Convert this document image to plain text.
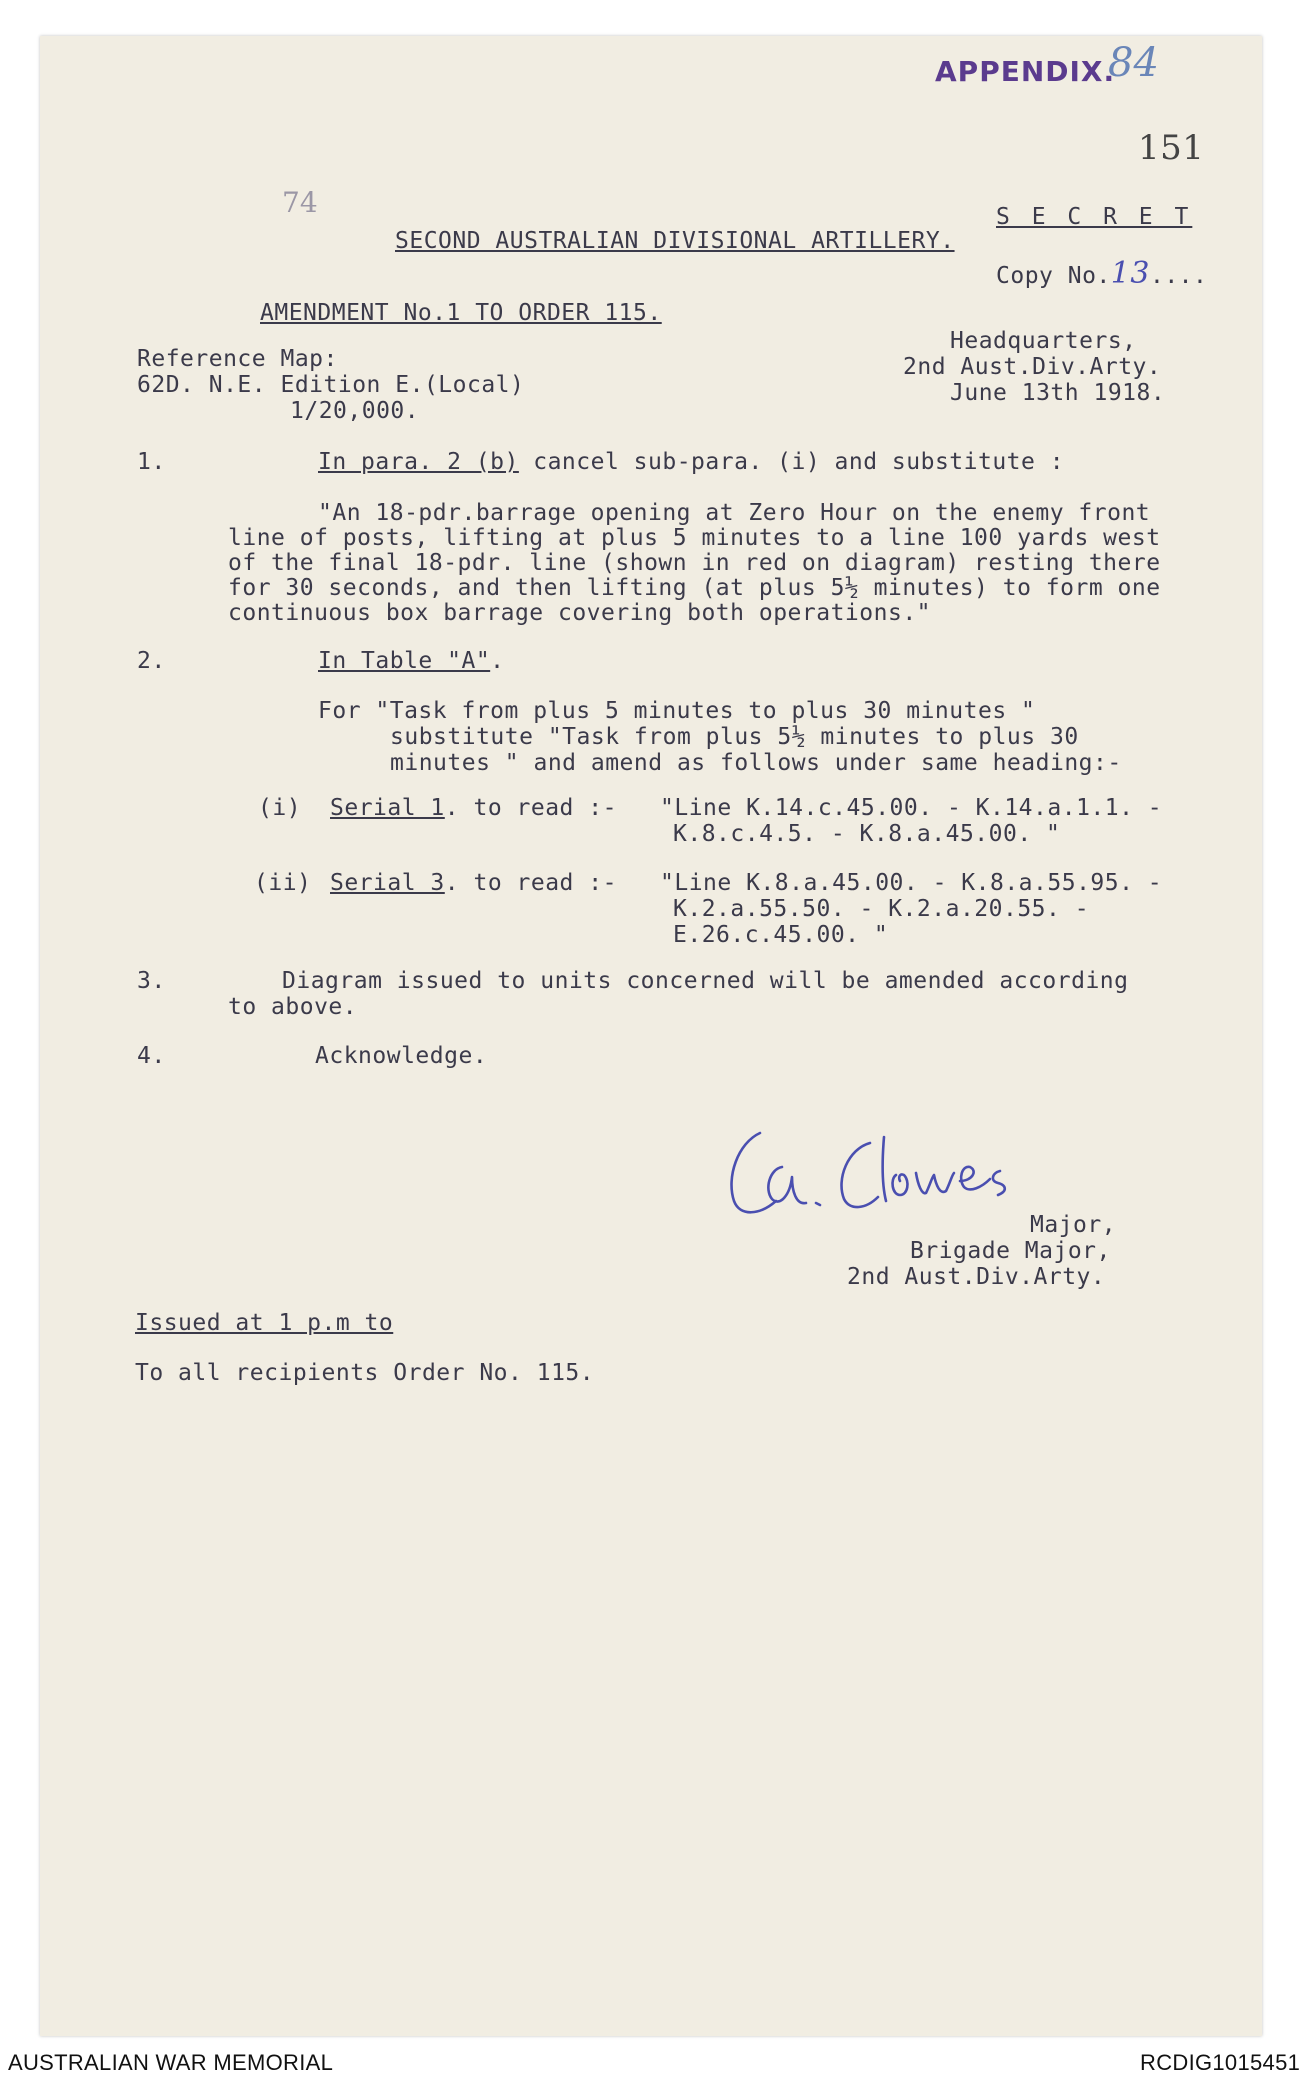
APPENDIX.
84
151
74
SECOND AUSTRALIAN DIVISIONAL ARTILLERY.
S E C R E T
Copy No.13....
AMENDMENT No.1 TO ORDER 115.
Reference Map:
62D. N.E. Edition E.(Local)
1/20,000.
Headquarters,
2nd Aust.Div.Arty.
June 13th 1918.
1.	In para. 2 (b) cancel sub-para. (i) and substitute :
"An 18-pdr.barrage opening at Zero Hour on the enemy front
line of posts, lifting at plus 5 minutes to a line 100 yards west
of the final 18-pdr. line (shown in red on diagram) resting there
for 30 seconds, and then lifting (at plus 5½ minutes) to form one
continuous box barrage covering both operations."
2.	In Table "A".
For "Task from plus 5 minutes to plus 30 minutes "
substitute "Task from plus 5½ minutes to plus 30
minutes " and amend as follows under same heading:-
(i) Serial 1. to read :- "Line K.14.c.45.00. - K.14.a.1.1. -
K.8.c.4.5. - K.8.a.45.00. "
(ii) Serial 3. to read :- "Line K.8.a.45.00. - K.8.a.55.95. -
K.2.a.55.50. - K.2.a.20.55. -
E.26.c.45.00. "
3.	Diagram issued to units concerned will be amended according
to above.
4.	Acknowledge.
Major,
Brigade Major,
2nd Aust.Div.Arty.
Issued at 1 p.m to
To all recipients Order No. 115.
AUSTRALIAN WAR MEMORIAL	RCDIG1015451
